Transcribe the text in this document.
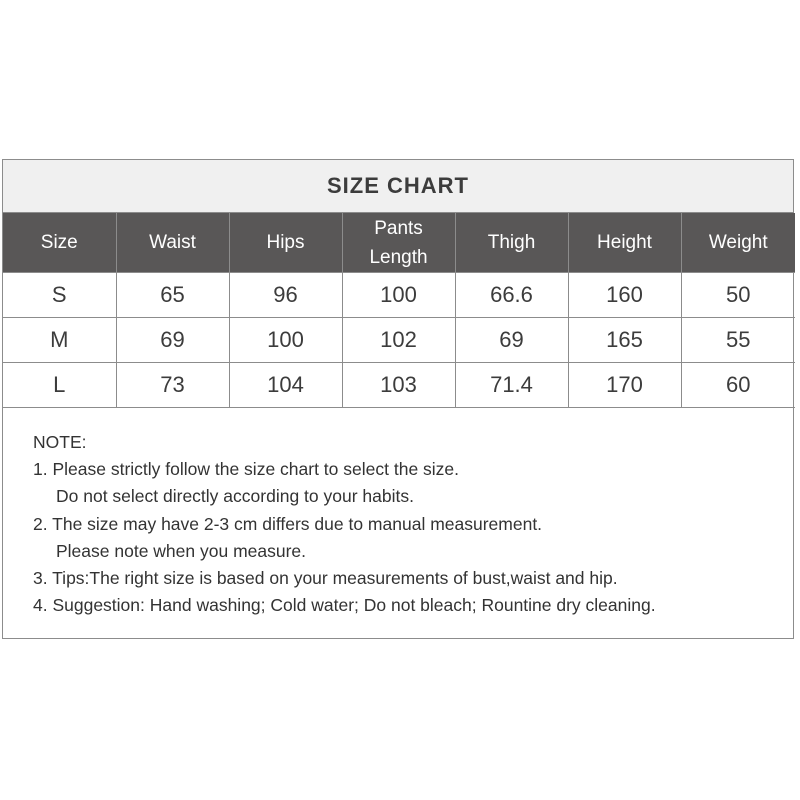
SIZE CHART
Size	Waist	Hips	Pants Length	Thigh	Height	Weight
S	65	96	100	66.6	160	50
M	69	100	102	69	165	55
L	73	104	103	71.4	170	60
NOTE:
1. Please strictly follow the size chart to select the size.
Do not select directly according to your habits.
2. The size may have 2-3 cm differs due to manual measurement.
Please note when you measure.
3. Tips:The right size is based on your measurements of bust,waist and hip.
4. Suggestion: Hand washing; Cold water; Do not bleach; Rountine dry cleaning.
